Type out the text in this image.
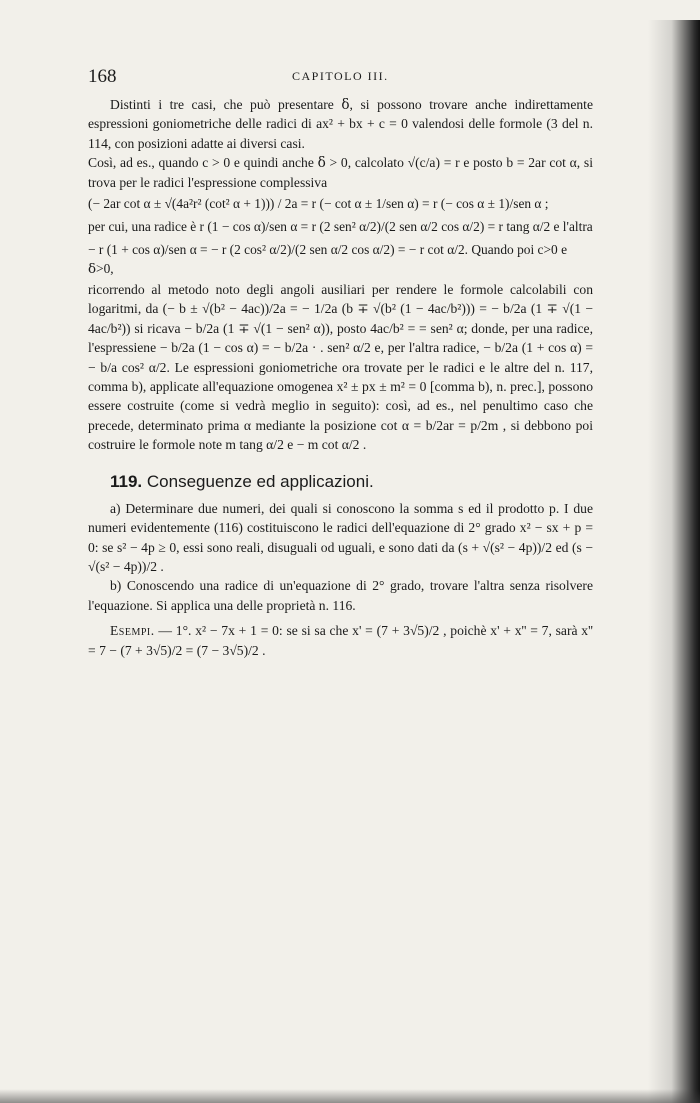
168	CAPITOLO III.

Distinti i tre casi, che può presentare ẟ, si possono trovare anche indirettamente espressioni goniometriche delle radici di ax² + bx + c = 0 valendosi delle formole (3 del n. 114, con posizioni adatte ai diversi casi.

Così, ad es., quando c > 0 e quindi anche ẟ > 0, calcolato √(c/a) = r e posto b = 2ar cot α, si trova per le radici l'espressione complessiva

(− 2ar cot α ± √(4a²r² (cot² α + 1))) / 2a = r (− cot α ± 1/sen α) = r (− cos α ± 1)/sen α ;

per cui, una radice è r (1 − cos α)/sen α = r (2 sen² α/2)/(2 sen α/2 cos α/2) = r tang α/2 e l'altra

− r (1 + cos α)/sen α = − r (2 cos² α/2)/(2 sen α/2 cos α/2) = − r cot α/2. Quando poi c>0 e ẟ>0,

ricorrendo al metodo noto degli angoli ausiliari per rendere le formole calcolabili con logaritmi, da (− b ± √(b² − 4ac))/2a = − 1/2a (b ∓ √(b² (1 − 4ac/b²))) = − b/2a (1 ∓ √(1 − 4ac/b²)) si ricava − b/2a (1 ∓ √(1 − sen² α)), posto 4ac/b² = = sen² α; donde, per una radice, l'espressiene − b/2a (1 − cos α) = − b/2a · . sen² α/2 e, per l'altra radice, − b/2a (1 + cos α) = − b/a cos² α/2. Le espressioni goniometriche ora trovate per le radici e le altre del n. 117, comma b), applicate all'equazione omogenea x² ± px ± m² = 0 [comma b), n. prec.], possono essere costruite (come si vedrà meglio in seguito): così, ad es., nel penultimo caso che precede, determinato prima α mediante la posizione cot α = b/2ar = p/2m , si debbono poi costruire le formole note m tang α/2 e − m cot α/2 .

119. Conseguenze ed applicazioni.

a) Determinare due numeri, dei quali si conoscono la somma s ed il prodotto p. I due numeri evidentemente (116) costituiscono le radici dell'equazione di 2° grado x² − sx + p = 0: se s² − 4p ≥ 0, essi sono reali, disuguali od uguali, e sono dati da (s + √(s² − 4p))/2 ed (s − √(s² − 4p))/2 .

b) Conoscendo una radice di un'equazione di 2° grado, trovare l'altra senza risolvere l'equazione. Si applica una delle proprietà n. 116.

Esempi. — 1°. x² − 7x + 1 = 0: se si sa che x' = (7 + 3√5)/2 , poichè x' + x'' = 7, sarà x'' = 7 − (7 + 3√5)/2 = (7 − 3√5)/2 .
